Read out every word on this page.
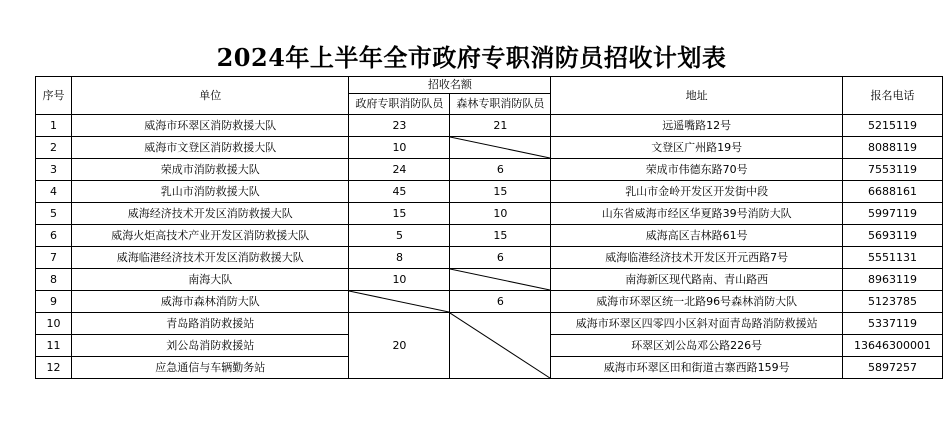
2024年上半年全市政府专职消防员招收计划表
序号	单位	招收名额		地址	报名电话
		政府专职消防队员	森林专职消防队员		
1	威海市环翠区消防救援大队	23	21	远遥嘴路12号	5215119
2	威海市文登区消防救援大队	10		文登区广州路19号	8088119
3	荣成市消防救援大队	24	6	荣成市伟德东路70号	7553119
4	乳山市消防救援大队	45	15	乳山市金岭开发区开发街中段	6688161
5	威海经济技术开发区消防救援大队	15	10	山东省威海市经区华夏路39号消防大队	5997119
6	威海火炬高技术产业开发区消防救援大队	5	15	威海高区吉林路61号	5693119
7	威海临港经济技术开发区消防救援大队	8	6	威海临港经济技术开发区开元西路7号	5551131
8	南海大队	10		南海新区现代路南、青山路西	8963119
9	威海市森林消防大队		6	威海市环翠区统一北路96号森林消防大队	5123785
10	青岛路消防救援站	20		威海市环翠区四零四小区斜对面青岛路消防救援站	5337119
11	刘公岛消防救援站			环翠区刘公岛邓公路226号	13646300001
12	应急通信与车辆勤务站			威海市环翠区田和街道古寨西路159号	5897257
